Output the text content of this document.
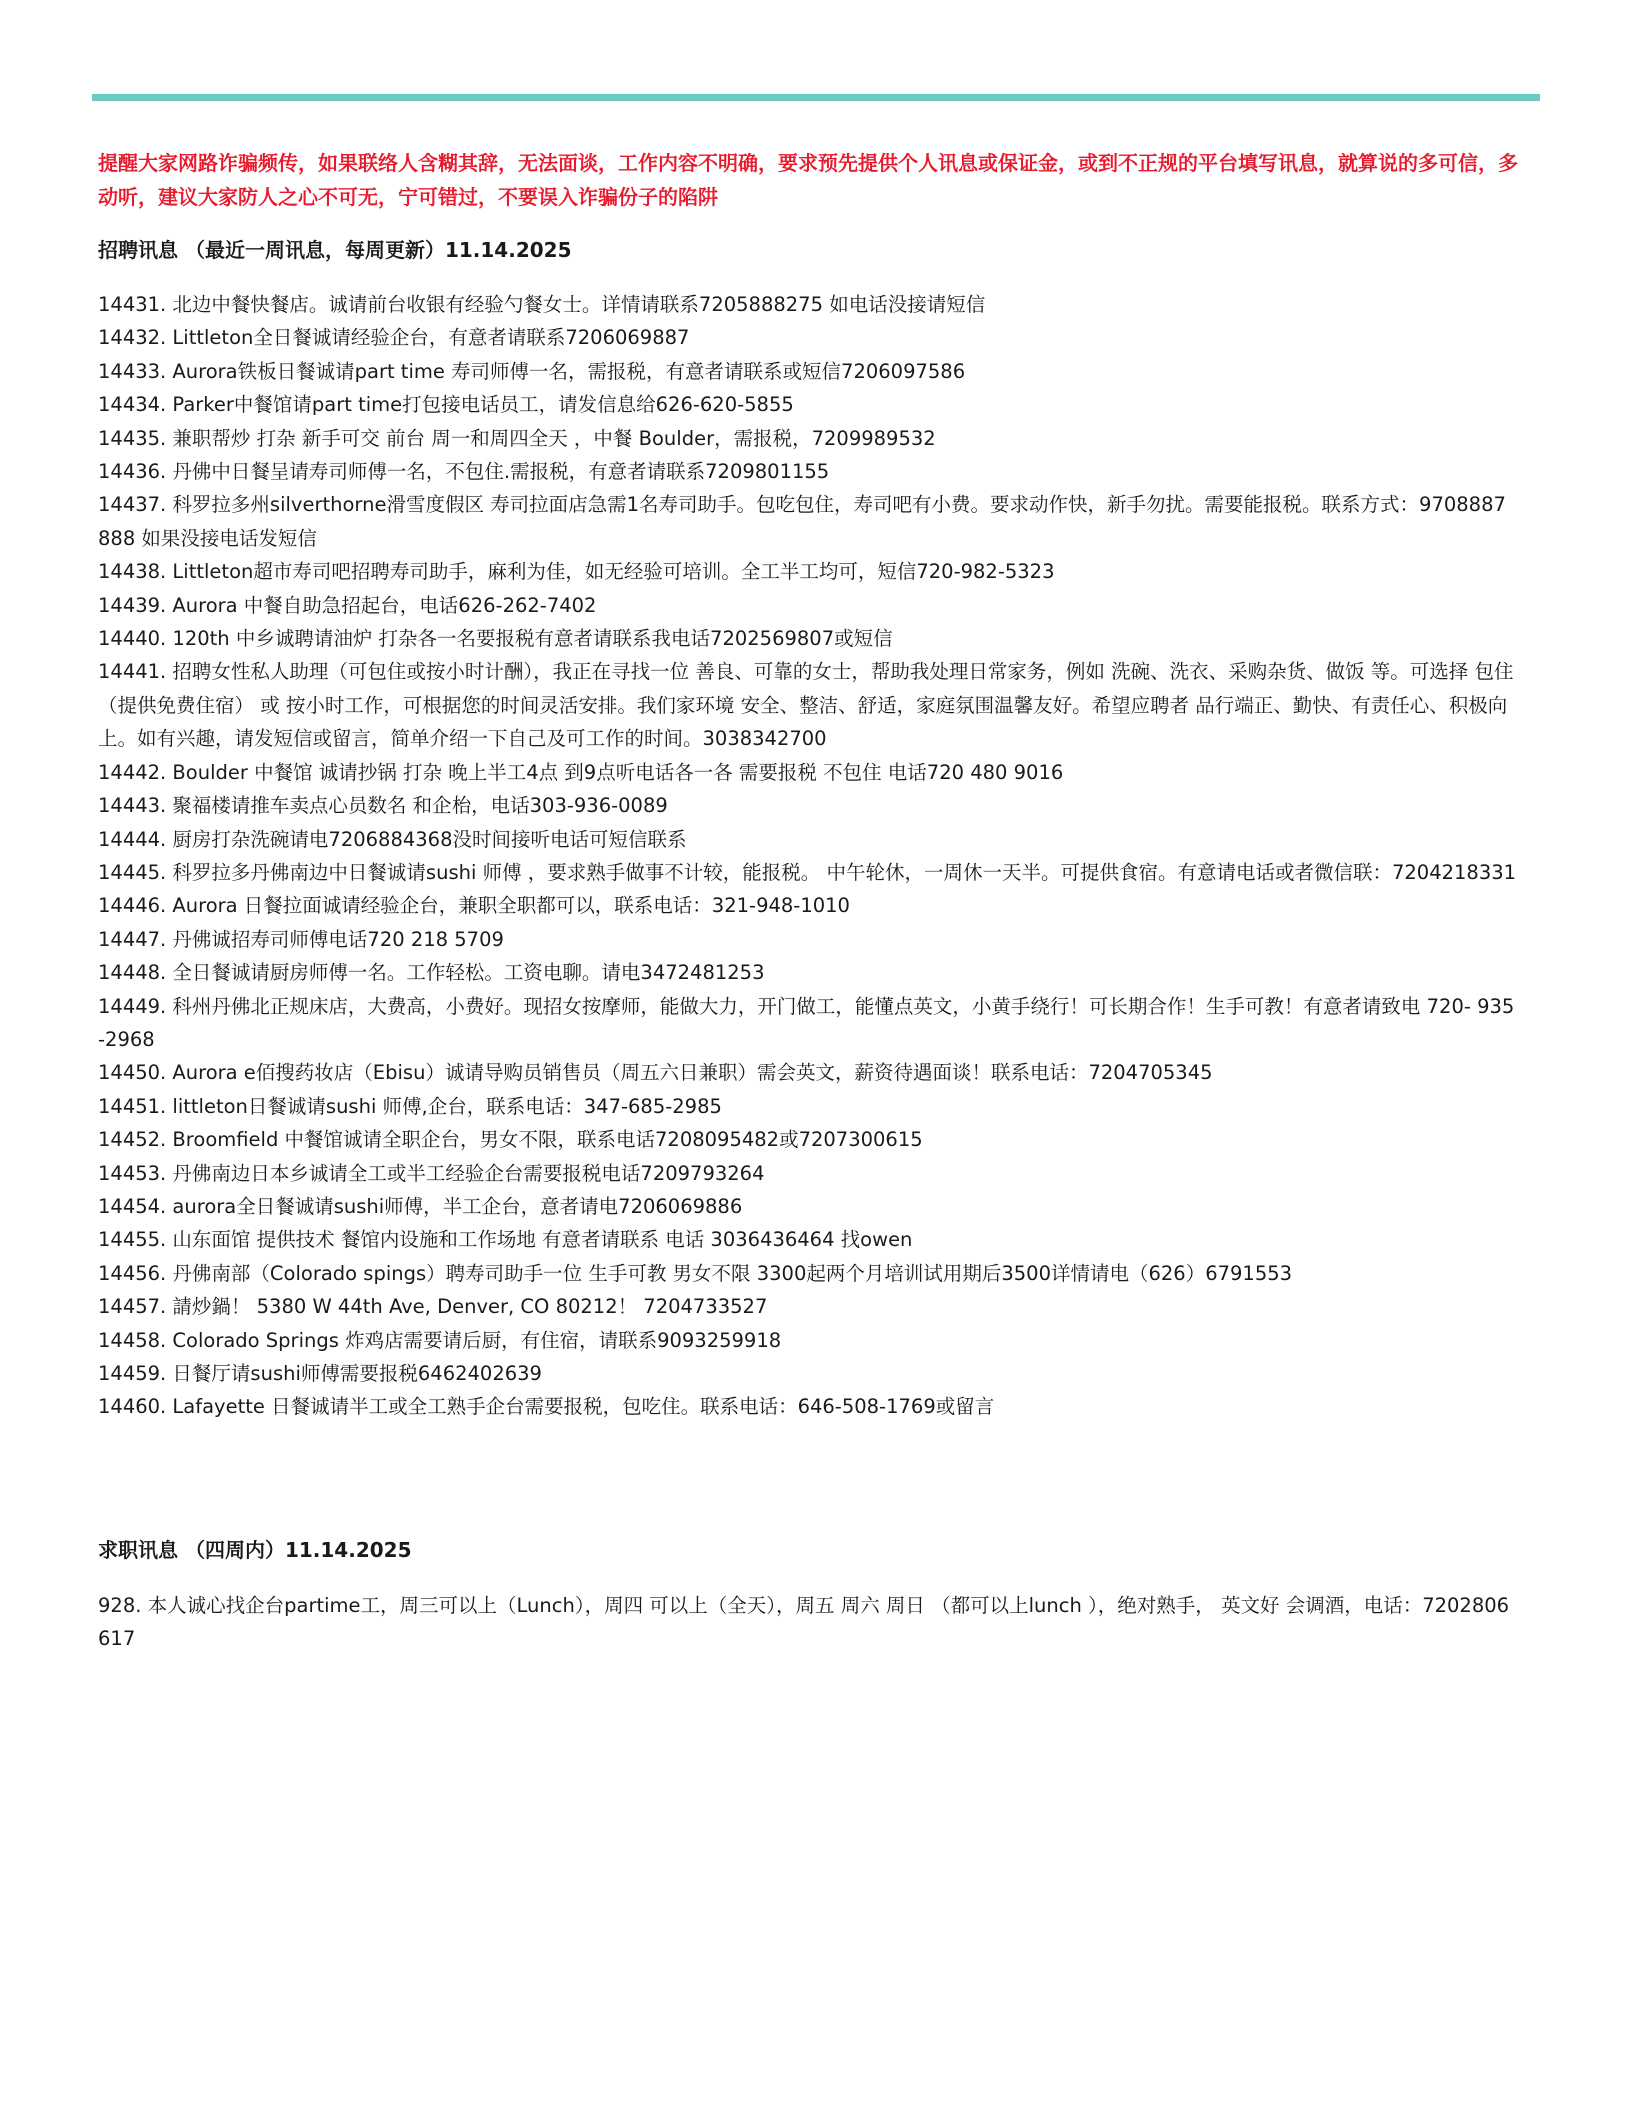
提醒大家网路诈骗频传，如果联络人含糊其辞，无法面谈，工作内容不明确，要求预先提供个人讯息或保证金，或到不正规的平台填写讯息，就算说的多可信，多动听，建议大家防人之心不可无，宁可错过，不要误入诈骗份子的陷阱
招聘讯息 （最近一周讯息，每周更新）11.14.2025

14431. 北边中餐快餐店。诚请前台收银有经验勺餐女士。详情请联系7205888275 如电话没接请短信

14432. Littleton全日餐诚请经验企台，有意者请联系7206069887

14433. Aurora铁板日餐诚请part time 寿司师傅一名，需报税，有意者请联系或短信7206097586

14434. Parker中餐馆请part time打包接电话员工，请发信息给626-620-5855

14435. 兼职帮炒 打杂 新手可交 前台 周一和周四全天 ，中餐 Boulder，需报税，7209989532

14436. 丹佛中日餐呈请寿司师傅一名，不包住.需报税，有意者请联系7209801155

14437. 科罗拉多州silverthorne滑雪度假区 寿司拉面店急需1名寿司助手。包吃包住，寿司吧有小费。要求动作快，新手勿扰。需要能报税。联系方式：9708887888 如果没接电话发短信

14438. Littleton超市寿司吧招聘寿司助手，麻利为佳，如无经验可培训。全工半工均可，短信720-982-5323

14439. Aurora 中餐自助急招起台，电话626-262-7402

14440. 120th 中乡诚聘请油炉 打杂各一名要报税有意者请联系我电话7202569807或短信

14441. 招聘女性私人助理（可包住或按小时计酬），我正在寻找一位 善良、可靠的女士，帮助我处理日常家务，例如 洗碗、洗衣、采购杂货、做饭 等。可选择 包住（提供免费住宿） 或 按小时工作，可根据您的时间灵活安排。我们家环境 安全、整洁、舒适，家庭氛围温馨友好。希望应聘者 品行端正、勤快、有责任心、积极向上。如有兴趣，请发短信或留言，简单介绍一下自己及可工作的时间。3038342700

14442. Boulder 中餐馆 诚请抄锅 打杂 晚上半工4点 到9点听电话各一各 需要报税 不包住 电话720 480 9016

14443. 聚福楼请推车卖点心员数名 和企枱，电话303-936-0089

14444. 厨房打杂洗碗请电7206884368没时间接听电话可短信联系

14445. 科罗拉多丹佛南边中日餐诚请sushi 师傅 ，要求熟手做事不计较，能报税。 中午轮休，一周休一天半。可提供食宿。有意请电话或者微信联：7204218331

14446. Aurora 日餐拉面诚请经验企台，兼职全职都可以，联系电话：321-948-1010

14447. 丹佛诚招寿司师傅电话720 218 5709

14448. 全日餐诚请厨房师傅一名。工作轻松。工资电聊。请电3472481253

14449. 科州丹佛北正规床店，大费高，小费好。现招女按摩师，能做大力，开门做工，能懂点英文，小黄手绕行！可长期合作！生手可教！有意者请致电 720- 935-2968

14450. Aurora e佰搜药妆店（Ebisu）诚请导购员销售员（周五六日兼职）需会英文，薪资待遇面谈！联系电话：7204705345

14451. littleton日餐诚请sushi 师傅,企台，联系电话：347-685-2985

14452. Broomfield 中餐馆诚请全职企台，男女不限，联系电话7208095482或7207300615

14453. 丹佛南边日本乡诚请全工或半工经验企台需要报税电话7209793264

14454. aurora全日餐诚请sushi师傅，半工企台，意者请电7206069886

14455. 山东面馆 提供技术 餐馆内设施和工作场地 有意者请联系 电话 3036436464 找owen

14456. 丹佛南部（Colorado spings）聘寿司助手一位 生手可教 男女不限 3300起两个月培训试用期后3500详情请电（626）6791553

14457. 請炒鍋！ 5380 W 44th Ave, Denver, CO 80212！ 7204733527

14458. Colorado Springs 炸鸡店需要请后厨，有住宿，请联系9093259918

14459. 日餐厅请sushi师傅需要报税6462402639

14460. Lafayette 日餐诚请半工或全工熟手企台需要报税，包吃住。联系电话：646-508-1769或留言

求职讯息 （四周内）11.14.2025

928. 本人诚心找企台partime工，周三可以上（Lunch），周四 可以上（全天），周五 周六 周日 （都可以上lunch ），绝对熟手， 英文好 会调酒，电话：7202806617
